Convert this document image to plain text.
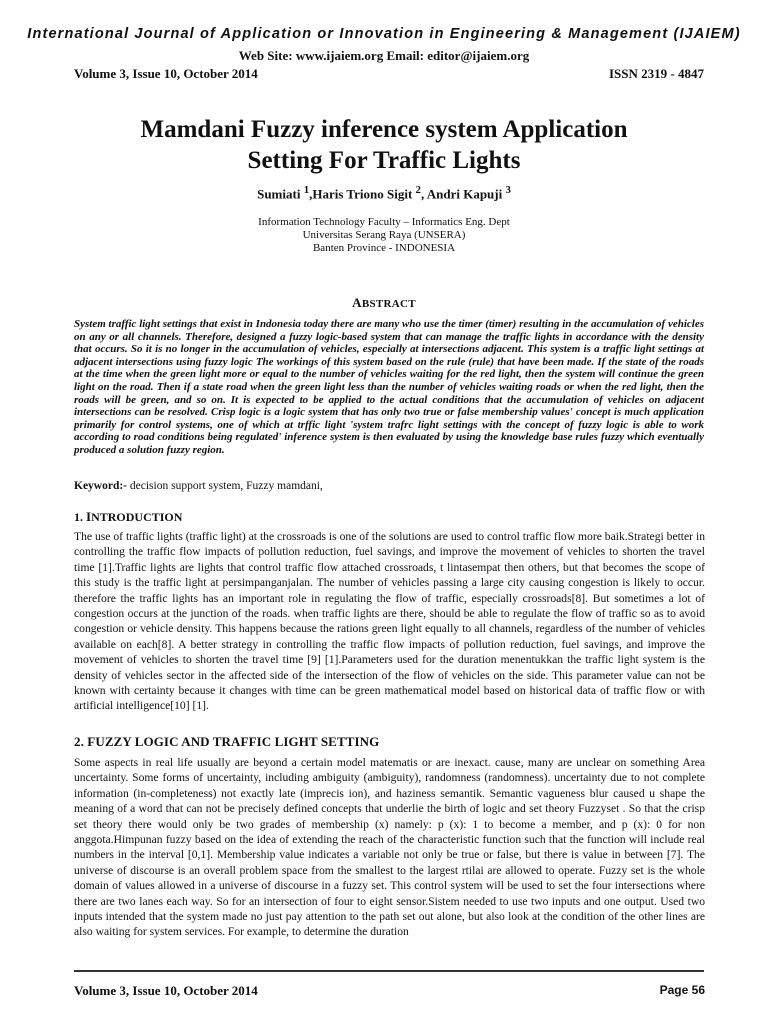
International Journal of Application or Innovation in Engineering & Management (IJAIEM)
Web Site: www.ijaiem.org Email: editor@ijaiem.org
Volume 3, Issue 10, October 2014	ISSN 2319 - 4847
Mamdani Fuzzy inference system Application
Setting For Traffic Lights
Sumiati $^1$,Haris Triono Sigit $^2$, Andri Kapuji $^3$
Information Technology Faculty – Informatics Eng. Dept
Universitas Serang Raya (UNSERA)
Banten Province - INDONESIA
ABSTRACT
System traffic light settings that exist in Indonesia today there are many who use the timer (timer) resulting in the accumulation of vehicles on any or all channels. Therefore, designed a fuzzy logic-based system that can manage the traffic lights in accordance with the density that occurs. So it is no longer in the accumulation of vehicles, especially at intersections adjacent. This system is a traffic light settings at adjacent intersections using fuzzy logic The workings of this system based on the rule (rule) that have been made. If the state of the roads at the time when the green light more or equal to the number of vehicles waiting for the red light, then the system will continue the green light on the road. Then if a state road when the green light less than the number of vehicles waiting roads or when the red light, then the roads will be green, and so on. It is expected to be applied to the actual conditions that the accumulation of vehicles on adjacent intersections can be resolved. Crisp logic is a logic system that has only two true or false membership values' concept is much application primarily for control systems, one of which at trffic light 'system trafrc light settings with the concept of fuzzy logic is able to work according to road conditions being regulated' inference system is then evaluated by using the knowledge base rules fuzzy which eventually produced a solution fuzzy region.
Keyword:- decision support system, Fuzzy mamdani,
1. INTRODUCTION
The use of traffic lights (traffic light) at the crossroads is one of the solutions are used to control traffic flow more baik.Strategi better in controlling the traffic flow impacts of pollution reduction, fuel savings, and improve the movement of vehicles to shorten the travel time [1].Traffic lights are lights that control traffic flow attached crossroads, t lintasempat then others, but that becomes the scope of this study is the traffic light at persimpanganjalan. The number of vehicles passing a large city causing congestion is likely to occur. therefore the traffic lights has an important role in regulating the flow of traffic, especially crossroads[8]. But sometimes a lot of congestion occurs at the junction of the roads. when traffic lights are there, should be able to regulate the flow of traffic so as to avoid congestion or vehicle density. This happens because the rations green light equally to all channels, regardless of the number of vehicles available on each[8]. A better strategy in controlling the traffic flow impacts of pollution reduction, fuel savings, and improve the movement of vehicles to shorten the travel time [9] [1].Parameters used for the duration menentukkan the traffic light system is the density of vehicles sector in the affected side of the intersection of the flow of vehicles on the side. This parameter value can not be known with certainty because it changes with time can be green mathematical model based on historical data of traffic flow or with artificial intelligence[10] [1].
2. FUZZY LOGIC AND TRAFFIC LIGHT SETTING
Some aspects in real life usually are beyond a certain model matematis or are inexact. cause, many are unclear on something Area uncertainty. Some forms of uncertainty, including ambiguity (ambiguity), randomness (randomness). uncertainty due to not complete information (in-completeness) not exactly late (imprecis ion), and haziness semantik. Semantic vagueness blur caused u shape the meaning of a word that can not be precisely defined concepts that underlie the birth of logic and set theory Fuzzyset . So that the crisp set theory there would only be two grades of membership (x) namely: p (x): 1 to become a member, and p (x): 0 for non anggota.Himpunan fuzzy based on the idea of extending the reach of the characteristic function such that the function will include real numbers in the interval [0,1]. Membership value indicates a variable not only be true or false, but there is value in between [7]. The universe of discourse is an overall problem space from the smallest to the largest rtilai are allowed to operate. Fuzzy set is the whole domain of values allowed in a universe of discourse in a fuzzy set. This control system will be used to set the four intersections where there are two lanes each way. So for an intersection of four to eight sensor.Sistem needed to use two inputs and one output. Used two inputs intended that the system made no just pay attention to the path set out alone, but also look at the condition of the other lines are also waiting for system services. For example, to determine the duration
Volume 3, Issue 10, October 2014	Page 56
